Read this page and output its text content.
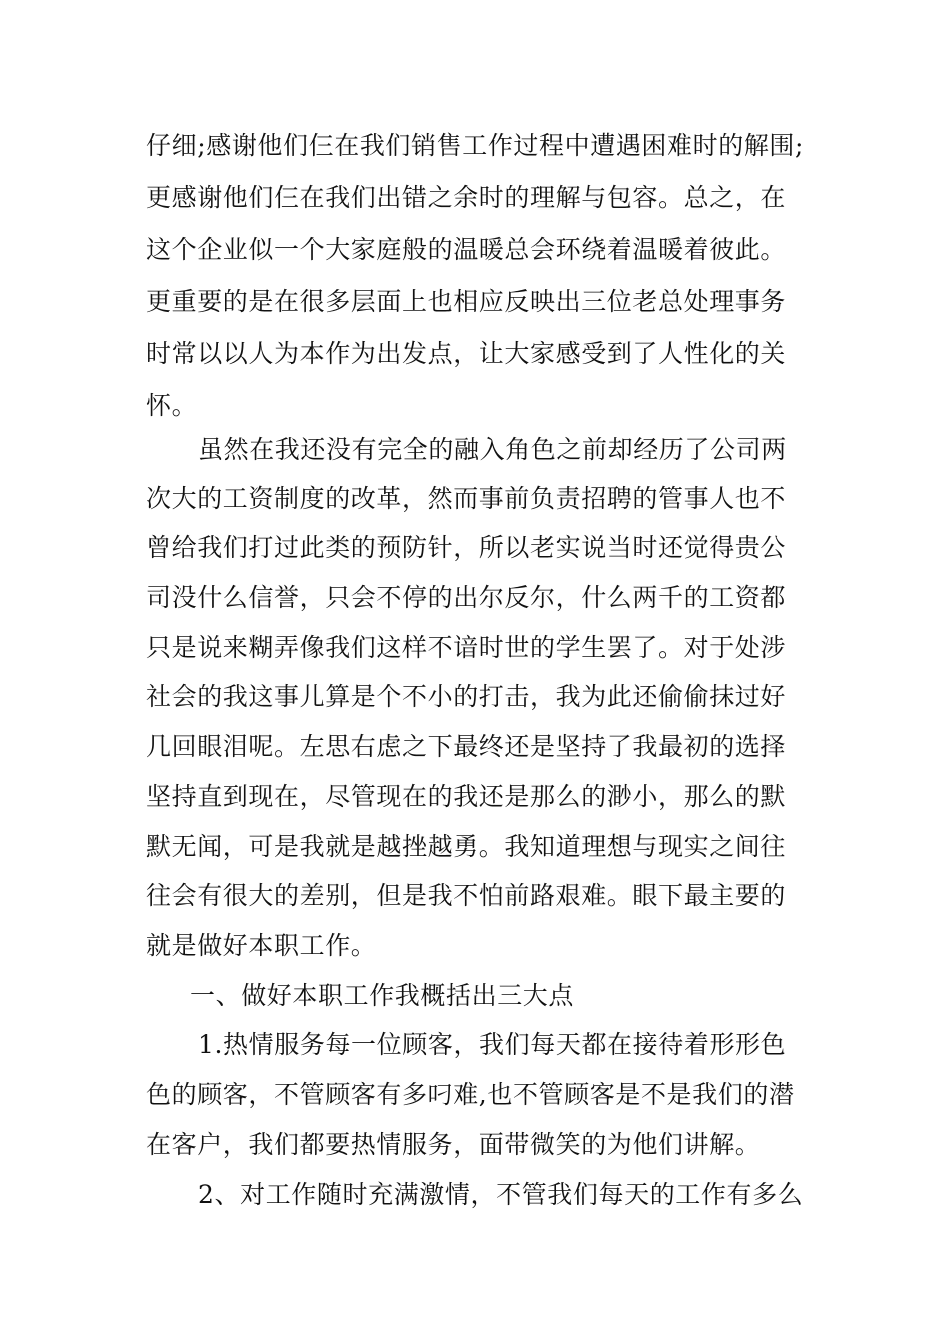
仔细;感谢他们仨在我们销售工作过程中遭遇困难时的解围;
更感谢他们仨在我们出错之余时的理解与包容。总之，在
这个企业似一个大家庭般的温暖总会环绕着温暖着彼此。
更重要的是在很多层面上也相应反映出三位老总处理事务
时常以以人为本作为出发点，让大家感受到了人性化的关
怀。
虽然在我还没有完全的融入角色之前却经历了公司两
次大的工资制度的改革，然而事前负责招聘的管事人也不
曾给我们打过此类的预防针，所以老实说当时还觉得贵公
司没什么信誉，只会不停的出尔反尔，什么两千的工资都
只是说来糊弄像我们这样不谙时世的学生罢了。对于处涉
社会的我这事儿算是个不小的打击，我为此还偷偷抹过好
几回眼泪呢。左思右虑之下最终还是坚持了我最初的选择
坚持直到现在，尽管现在的我还是那么的渺小，那么的默
默无闻，可是我就是越挫越勇。我知道理想与现实之间往
往会有很大的差别，但是我不怕前路艰难。眼下最主要的
就是做好本职工作。
一、做好本职工作我概括出三大点
1.热情服务每一位顾客，我们每天都在接待着形形色
色的顾客，不管顾客有多叼难,也不管顾客是不是我们的潜
在客户，我们都要热情服务，面带微笑的为他们讲解。
2、对工作随时充满激情，不管我们每天的工作有多么
